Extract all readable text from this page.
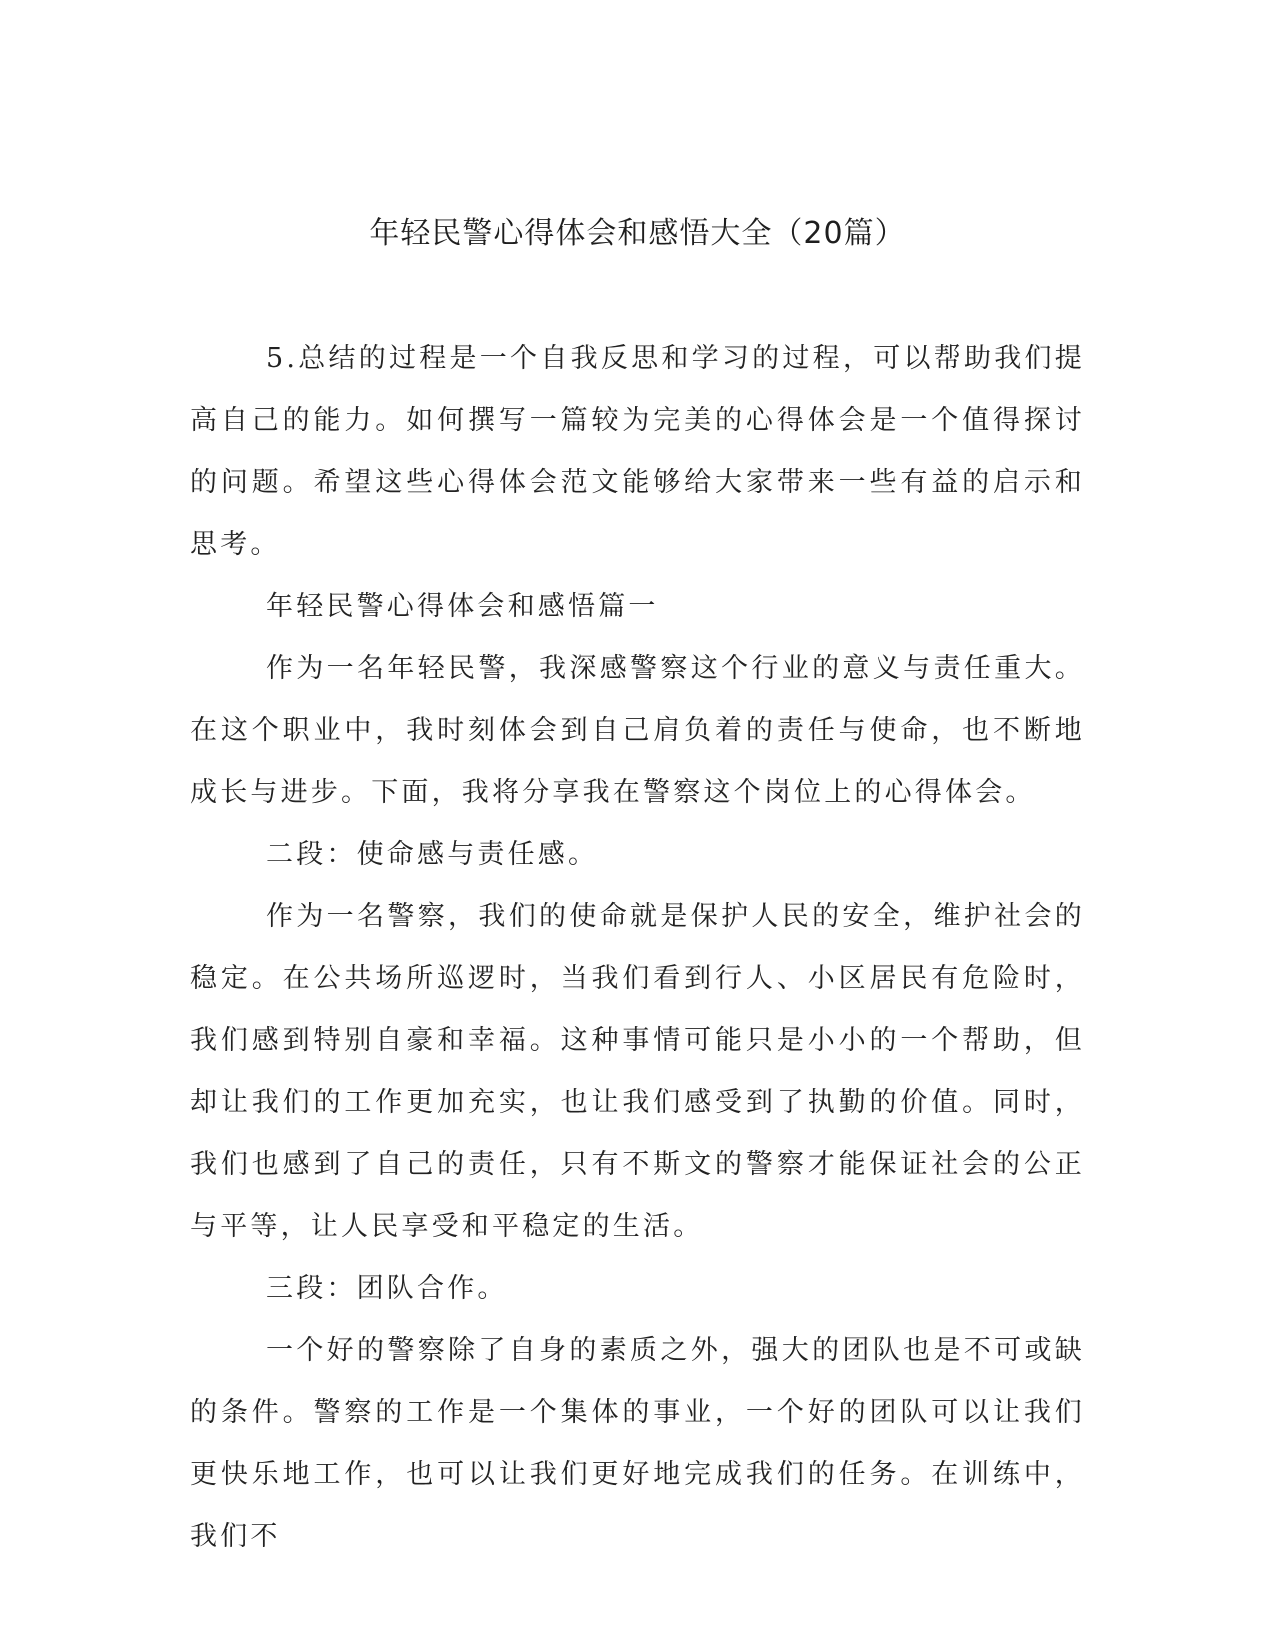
年轻民警心得体会和感悟大全（20篇）

5.总结的过程是一个自我反思和学习的过程，可以帮助我们提高自己的能力。如何撰写一篇较为完美的心得体会是一个值得探讨的问题。希望这些心得体会范文能够给大家带来一些有益的启示和思考。

年轻民警心得体会和感悟篇一

作为一名年轻民警，我深感警察这个行业的意义与责任重大。在这个职业中，我时刻体会到自己肩负着的责任与使命，也不断地成长与进步。下面，我将分享我在警察这个岗位上的心得体会。

二段：使命感与责任感。

作为一名警察，我们的使命就是保护人民的安全，维护社会的稳定。在公共场所巡逻时，当我们看到行人、小区居民有危险时，我们感到特别自豪和幸福。这种事情可能只是小小的一个帮助，但却让我们的工作更加充实，也让我们感受到了执勤的价值。同时，我们也感到了自己的责任，只有不斯文的警察才能保证社会的公正与平等，让人民享受和平稳定的生活。

三段：团队合作。

一个好的警察除了自身的素质之外，强大的团队也是不可或缺的条件。警察的工作是一个集体的事业，一个好的团队可以让我们更快乐地工作，也可以让我们更好地完成我们的任务。在训练中，我们不
